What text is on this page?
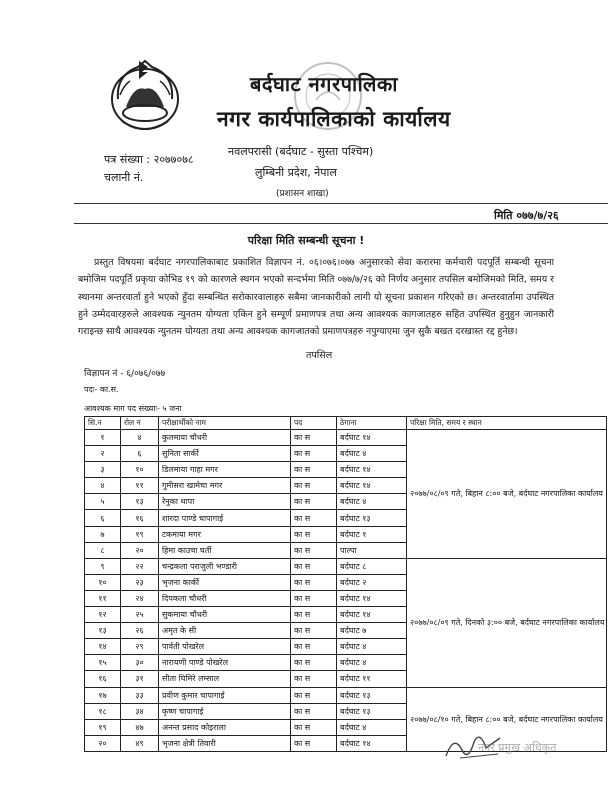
बर्दघाट नगरपालिका
नगर कार्यपालिकाको कार्यालय
नवलपरासी (बर्दघाट - सुस्ता पश्चिम)
लुम्बिनी प्रदेश, नेपाल
(प्रशासन शाखा)
पत्र संख्या : २०७७०७८
चलानी नं.
मिति ०७७/७/२६
परिक्षा मिति सम्बन्धी सूचना !
प्रस्तुत विषयमा बर्दघाट नगरपालिकाबाट प्रकाशित विज्ञापन नं. ०६।०७६।०७७ अनुसारको सेवा करारमा कर्मचारी पदपूर्ति सम्बन्धी सूचना बमोजिम पदपूर्ति प्रकृया कोभिड १९ को कारणले स्थगन भएको सन्दर्भमा मिति ०७७/७/२६ को निर्णय अनुसार तपसिल बमोजिमको मिति, समय र स्थानमा अन्तरवार्ता हुने भएको हुँदा सम्बन्धित सरोकारवालाहरु सबैमा जानकारीको लागी यो सूचना प्रकाशन गरिएको छ। अन्तरवार्तामा उपस्थित हुने उम्मेदवारहरुले आवश्यक न्युनतम योग्यता एकिन हुने सम्पूर्ण प्रमाणपत्र तथा अन्य आवश्यक कागजातहरु सहित उपस्थित हुनुहुन जानकारी गराइन्छ साथै आवश्यक न्युनतम योग्यता तथा अन्य आवश्यक कागजातको प्रमाणपत्रहरु नपुग्याएमा जुन सुकै बखत दरखास्त रद्द हुनेछ।
तपसिल
विज्ञापन नं - ६/०७६/०७७
पदः- का.स.
आवश्यक माग पद संख्याः- ५ जना
सि.न	रोल न	परीक्षार्थीको नाम	पद	ठेगाना	परिक्षा मिति, समय र स्थान
१	४	कुलमाया चौधरी	का स	बर्दघाट १४	२०७७/०८/०९ गते, बिहान ८:०० बजे, बर्दघाट नगरपालिका कार्यालय
२	६	सुनिता सार्की	का स	बर्दघाट ४	
३	१०	डिलमाया गाहा मगर	का स	बर्दघाट १४	
४	११	गुमीसरा खामेचा मगर	का स	बर्दघाट १४	
५	१३	रेनुका थापा	का स	बर्दघाट ४	
६	१६	शारदा पाण्डे चापागाई	का स	बर्दघाट १३	
७	१९	टकमाया मगर	का स	बर्दघाट १	
८	२०	हिमा काउचा घर्ती	का स	पाल्पा	
९	२२	चन्द्रकला पराजुली भण्डारी	का स	बर्दघाट ८	२०७७/०८/०९ गते, दिनको ३:०० बजे, बर्दघाट नगरपालिका कार्यालय
१०	२३	भृजना कार्की	का स	बर्दघाट २	
११	२४	दिपकला चौधरी	का स	बर्दघाट १४	
१२	२५	सुकमाया चौधरी	का स	बर्दघाट १४	
१३	२६	अमृत के सी	का स	बर्दघाट ७	
१४	२९	पार्वती पोखरेल	का स	बर्दघाट ४	
१५	३०	नारायणी पाण्डे पोखरेल	का स	बर्दघाट ४	
१६	३१	सीता घिमिरे लम्साल	का स	बर्दघाट ११	
१७	३३	प्रवीण कुमार चापागाई	का स	बर्दघाट १३	२०७७/०८/१० गते, बिहान ८:०० बजे, बर्दघाट नगरपालिका कार्यालय
१८	३४	कृष्ण चापागाई	का स	बर्दघाट १३	
१९	४७	अनन्त प्रसाद कोइराला	का स	बर्दघाट ४	
२०	४९	भृजना क्षेत्री तिवारी	का स	बर्दघाट १४		नगर प्रमुख अधिकृत
